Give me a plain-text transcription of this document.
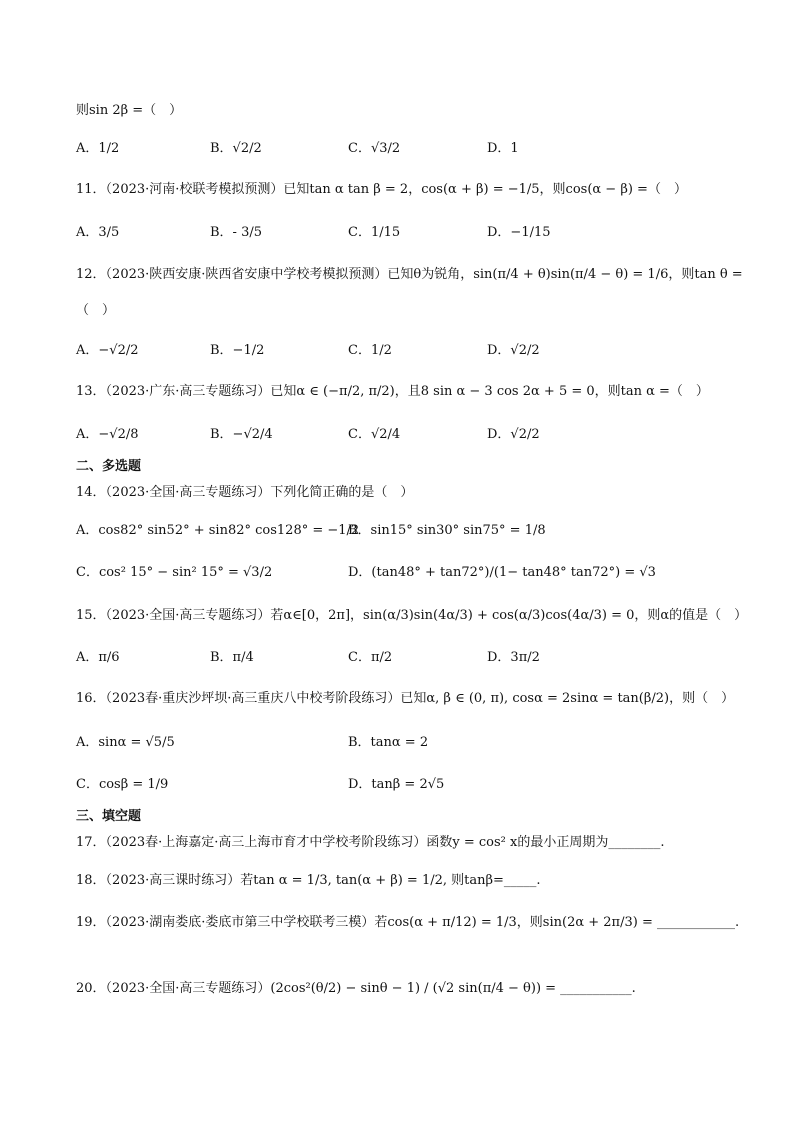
则sin 2β =（　）
A．1/2	B．√2/2	C．√3/2	D．1
11．（2023·河南·校联考模拟预测）已知tan α tan β = 2，cos(α + β) = −1/5，则cos(α − β) =（　）
A．3/5	B．- 3/5	C．1/15	D．−1/15
12．（2023·陕西安康·陕西省安康中学校考模拟预测）已知θ为锐角，sin(π/4 + θ)sin(π/4 − θ) = 1/6，则tan θ =
（　）
A．−√2/2	B．−1/2	C．1/2	D．√2/2
13．（2023·广东·高三专题练习）已知α ∈ (−π/2, π/2)，且8 sin α − 3 cos 2α + 5 = 0，则tan α =（　）
A．−√2/8	B．−√2/4	C．√2/4	D．√2/2
二、多选题
14．（2023·全国·高三专题练习）下列化简正确的是（　）
A．cos82° sin52° + sin82° cos128° = −1/2
B．sin15° sin30° sin75° = 1/8
C．cos² 15° − sin² 15° = √3/2	D．(tan48° + tan72°)/(1− tan48° tan72°) = √3
15．（2023·全国·高三专题练习）若α∈[0，2π]，sin(α/3)sin(4α/3) + cos(α/3)cos(4α/3) = 0，则α的值是（　）
A．π/6	B．π/4	C．π/2	D．3π/2
16．（2023春·重庆沙坪坝·高三重庆八中校考阶段练习）已知α, β ∈ (0, π), cosα = 2sinα = tan(β/2)，则（　）
A．sinα = √5/5	B．tanα = 2
C．cosβ = 1/9	D．tanβ = 2√5
三、填空题
17．（2023春·上海嘉定·高三上海市育才中学校考阶段练习）函数y = cos² x的最小正周期为________.
18．（2023·高三课时练习）若tan α = 1/3, tan(α + β) = 1/2, 则tanβ=_____.
19．（2023·湖南娄底·娄底市第三中学校联考三模）若cos(α + π/12) = 1/3，则sin(2α + 2π/3) = ____________.
20．（2023·全国·高三专题练习）(2cos²(θ/2) − sinθ − 1) / (√2 sin(π/4 − θ)) = ___________.
